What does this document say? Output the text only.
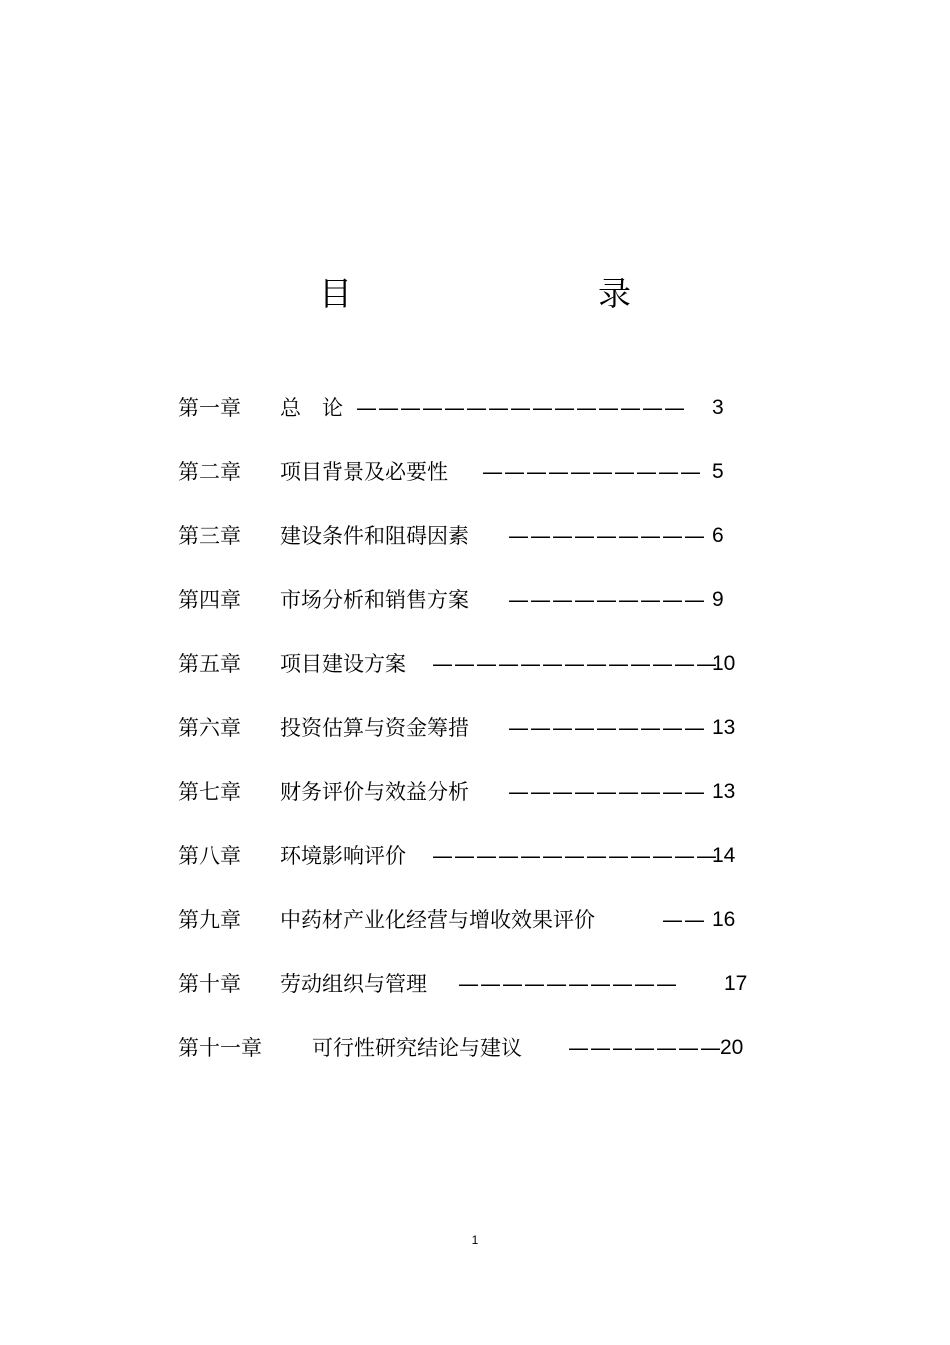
目　　录
第一章 总　论 ——————————————— 3
第二章 项目背景及必要性 —————————— 5
第三章 建设条件和阻碍因素 ————————— 6
第四章 市场分析和销售方案 ————————— 9
第五章 项目建设方案 —————————————
10
第六章 投资估算与资金筹措 ————————— 13
第七章 财务评价与效益分析 ————————— 13
第八章 环境影响评价 —————————————
14
第九章 中药材产业化经营与增收效果评价	—— 16
第十章 劳动组织与管理 —————————— 17
第十一章 可行性研究结论与建议 ———————
20
1
